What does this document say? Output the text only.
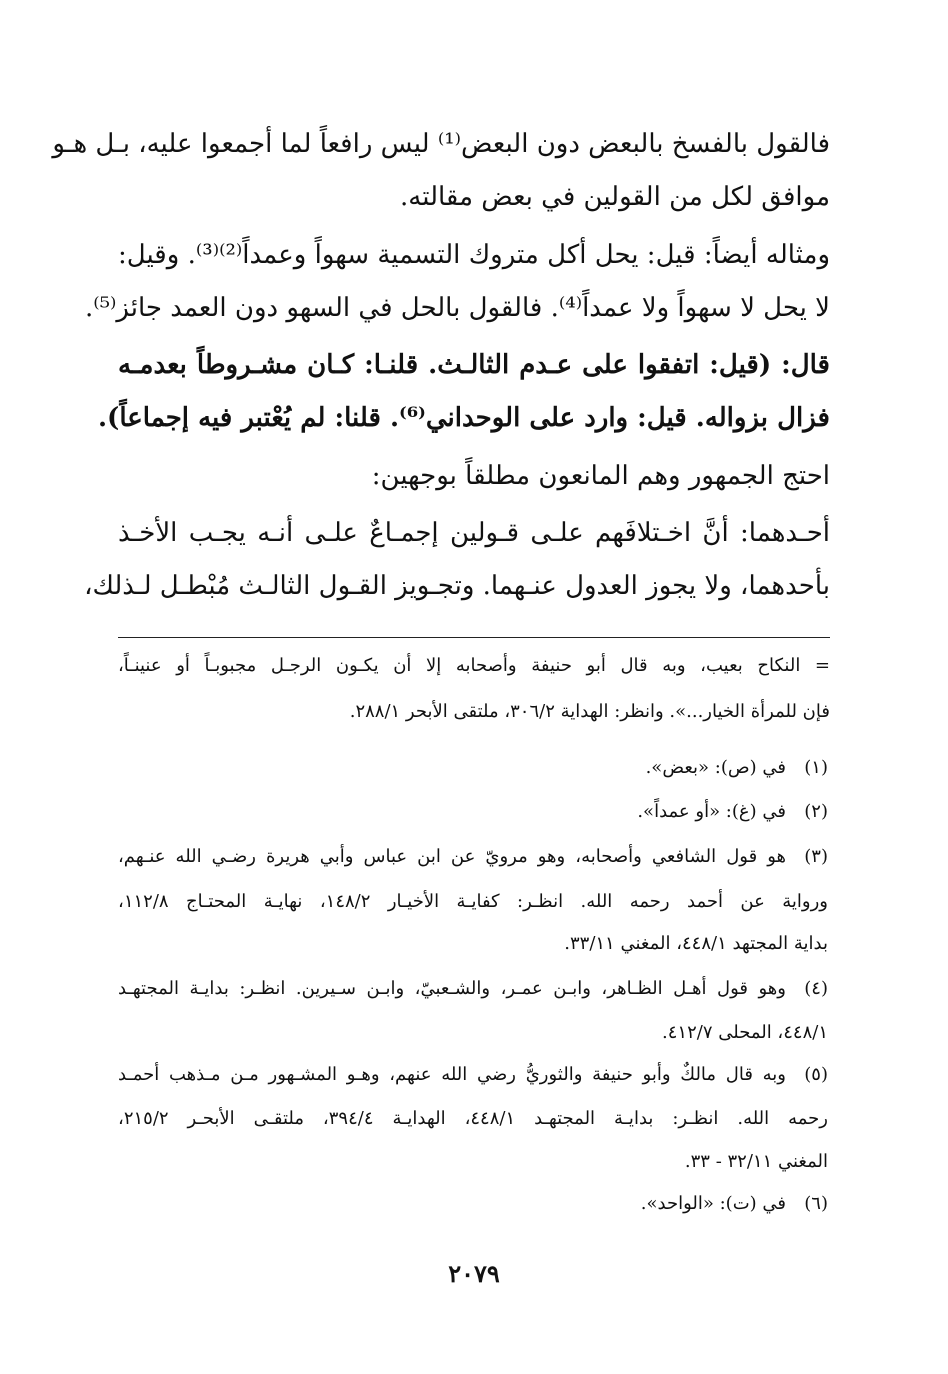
فالقول بالفسخ بالبعض دون البعض⁽¹⁾ ليس رافعاً لما أجمعوا عليه، بـل هـو
موافق لكل من القولين في بعض مقالته.
ومثاله أيضاً: قيل: يحل أكل متروك التسمية سهواً وعمداً⁽²⁾⁽³⁾. وقيل:
لا يحل لا سهواً ولا عمداً⁽⁴⁾. فالقول بالحل في السهو دون العمد جائز⁽⁵⁾.
قال: (قيل: اتفقوا على عـدم الثالـث. قلنـا: كـان مشـروطاً بعدمـه
فزال بزواله. قيل: وارد على الوحداني⁽⁶⁾. قلنا: لم يُعْتبر فيه إجماعاً).
احتج الجمهور وهم المانعون مطلقاً بوجهين:
أحـدهما: أنَّ اخـتلافَهم علـى قـولين إجمـاعٌ علـى أنـه يجـب الأخـذ
بأحدهما، ولا يجوز العدول عنـهما. وتجـويز القـول الثالـث مُبْطـل لـذلك،
= النكاح بعيب، وبه قال أبو حنيفة وأصحابه إلا أن يكـون الرجـل مجبوبـاً أو عنينـاً،
فإن للمرأة الخيار...». وانظر: الهداية ٣٠٦/٢، ملتقى الأبحر ٢٨٨/١.
(١)
في (ص): «بعض».
(٢)
في (غ): «أو عمداً».
(٣)
هو قول الشافعي وأصحابه، وهو مرويّ عن ابن عباس وأبي هريرة رضـي الله عنـهم،
ورواية عن أحمد رحمه الله. انظـر: كفايـة الأخيـار ١٤٨/٢، نهايـة المحتـاج ١١٢/٨،
بداية المجتهد ٤٤٨/١، المغني ٣٣/١١.
(٤)
وهو قول أهـل الظـاهر، وابـن عمـر، والشـعبيّ، وابـن سـيرين. انظـر: بدايـة المجتهـد
٤٤٨/١، المحلى ٤١٢/٧.
(٥)
وبه قال مالكٌ وأبو حنيفة والثوريُّ رضي الله عنهم، وهـو المشـهور مـن مـذهب أحمـد
رحمه الله. انظـر: بدايـة المجتهـد ٤٤٨/١، الهدايـة ٣٩٤/٤، ملتقـى الأبحـر ٢١٥/٢،
المغني ٣٢/١١ - ٣٣.
(٦)
في (ت): «الواحد».
٢٠٧٩
